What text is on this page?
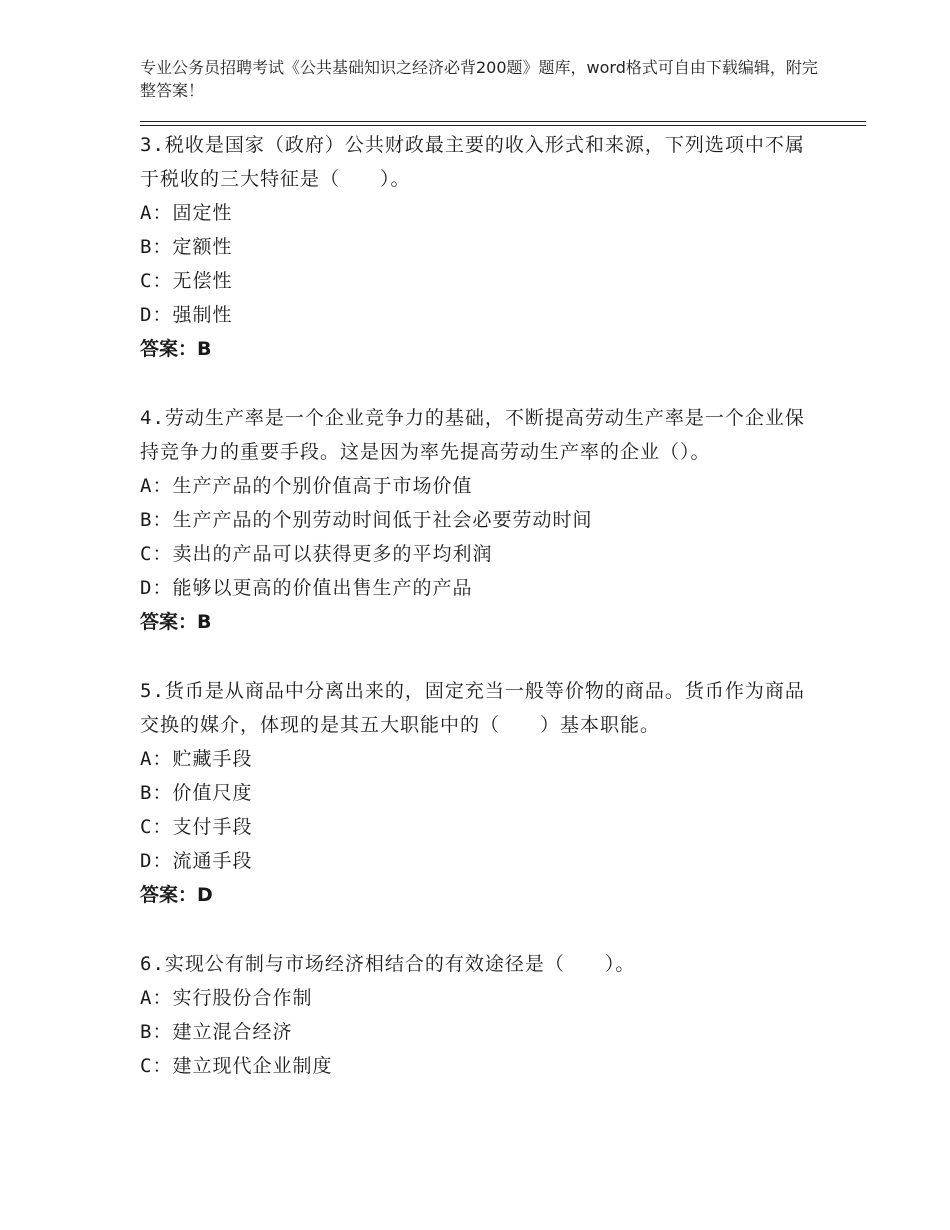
专业公务员招聘考试《公共基础知识之经济必背200题》题库，word格式可自由下载编辑，附完整答案！
3.税收是国家（政府）公共财政最主要的收入形式和来源，下列选项中不属于税收的三大特征是（　　）。
A：固定性
B：定额性
C：无偿性
D：强制性
答案：B
4.劳动生产率是一个企业竞争力的基础，不断提高劳动生产率是一个企业保持竞争力的重要手段。这是因为率先提高劳动生产率的企业（）。
A：生产产品的个别价值高于市场价值
B：生产产品的个别劳动时间低于社会必要劳动时间
C：卖出的产品可以获得更多的平均利润
D：能够以更高的价值出售生产的产品
答案：B
5.货币是从商品中分离出来的，固定充当一般等价物的商品。货币作为商品交换的媒介，体现的是其五大职能中的（　　）基本职能。
A：贮藏手段
B：价值尺度
C：支付手段
D：流通手段
答案：D
6.实现公有制与市场经济相结合的有效途径是（　　）。
A：实行股份合作制
B：建立混合经济
C：建立现代企业制度
